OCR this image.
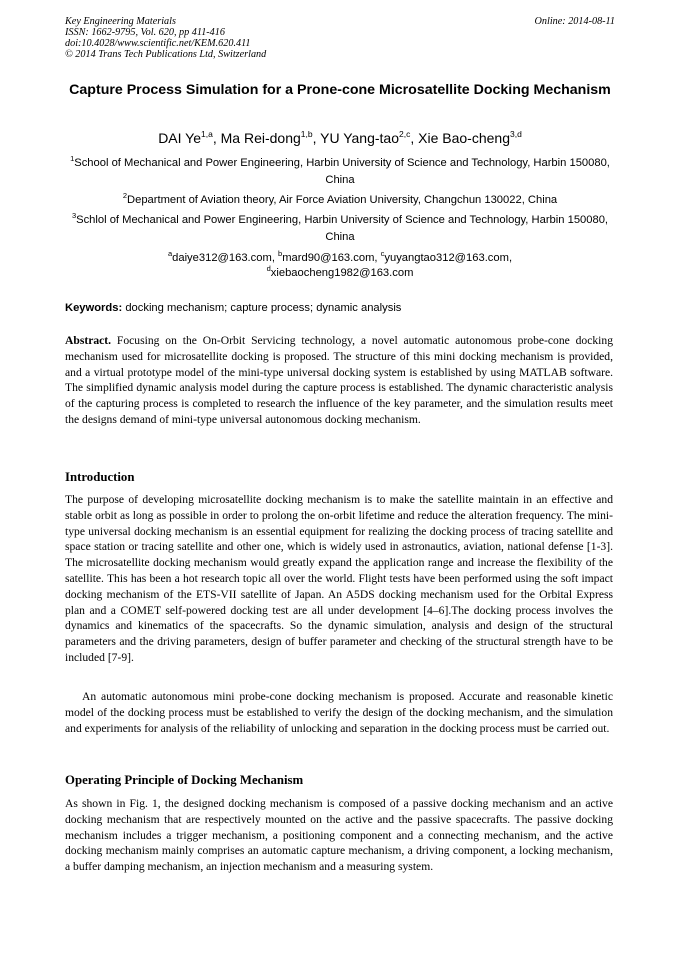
Key Engineering Materials
ISSN: 1662-9795, Vol. 620, pp 411-416
doi:10.4028/www.scientific.net/KEM.620.411
© 2014 Trans Tech Publications Ltd, Switzerland
Online: 2014-08-11
Capture Process Simulation for a Prone-cone Microsatellite Docking Mechanism
DAI Ye$^{1,a}$, Ma Rei-dong$^{1,b}$, YU Yang-tao$^{2,c}$, Xie Bao-cheng$^{3,d}$
$^1$School of Mechanical and Power Engineering, Harbin University of Science and Technology, Harbin 150080, China
$^2$Department of Aviation theory, Air Force Aviation University, Changchun 130022, China
$^3$Schlol of Mechanical and Power Engineering, Harbin University of Science and Technology, Harbin 150080, China
$^a$daiye312@163.com, $^b$mard90@163.com, $^c$yuyangtao312@163.com, $^d$xiebaocheng1982@163.com
Keywords: docking mechanism; capture process; dynamic analysis
Abstract. Focusing on the On-Orbit Servicing technology, a novel automatic autonomous probe-cone docking mechanism used for microsatellite docking is proposed. The structure of this mini docking mechanism is provided, and a virtual prototype model of the mini-type universal docking system is established by using MATLAB software. The simplified dynamic analysis model during the capture process is established. The dynamic characteristic analysis of the capturing process is completed to research the influence of the key parameter, and the simulation results meet the designs demand of mini-type universal autonomous docking mechanism.
Introduction
The purpose of developing microsatellite docking mechanism is to make the satellite maintain in an effective and stable orbit as long as possible in order to prolong the on-orbit lifetime and reduce the alteration frequency. The mini-type universal docking mechanism is an essential equipment for realizing the docking process of tracing satellite and space station or tracing satellite and other one, which is widely used in astronautics, aviation, national defense [1-3]. The microsatellite docking mechanism would greatly expand the application range and increase the flexibility of the satellite. This has been a hot research topic all over the world. Flight tests have been performed using the soft impact docking mechanism of the ETS-VII satellite of Japan. An A5DS docking mechanism used for the Orbital Express plan and a COMET self-powered docking test are all under development [4–6].The docking process involves the dynamics and kinematics of the spacecrafts. So the dynamic simulation, analysis and design of the structural parameters and the driving parameters, design of buffer parameter and checking of the structural strength have to be included [7-9].
An automatic autonomous mini probe-cone docking mechanism is proposed. Accurate and reasonable kinetic model of the docking process must be established to verify the design of the docking mechanism, and the simulation and experiments for analysis of the reliability of unlocking and separation in the docking process must be carried out.
Operating Principle of Docking Mechanism
As shown in Fig. 1, the designed docking mechanism is composed of a passive docking mechanism and an active docking mechanism that are respectively mounted on the active and the passive spacecrafts. The passive docking mechanism includes a trigger mechanism, a positioning component and a connecting mechanism, and the active docking mechanism mainly comprises an automatic capture mechanism, a driving component, a locking mechanism, a buffer damping mechanism, an injection mechanism and a measuring system.
